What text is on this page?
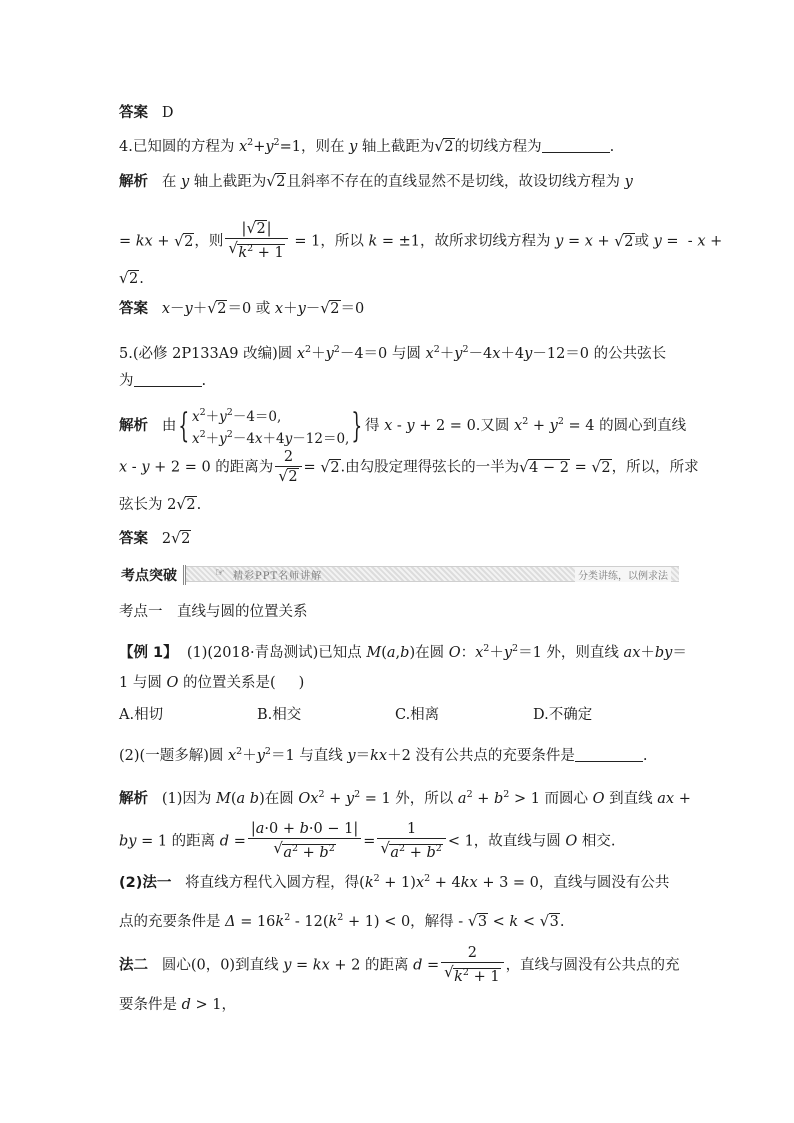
答案   D
4.已知圆的方程为 $x^2+y^2=1$，则在 y 轴上截距为 √ 2的切线方程为	.
解析   在 y 轴上截距为 √ 2且斜率不存在的直线显然不是切线，故设切线方程为 y
= kx + √ 2，则 | √ 2|
√ $k^2 + 1 = 1$，所以 k = ±1，故所求切线方程为 y = x + √ 2或 y =  - x +
√ 2.
答案 x－y＋ √ 2＝0 或 x＋y－ √ 2＝0
5.(必修 2P133A9 改编)圆 $x^2+y^2-4=0$ 与圆 $x^2+y^2-4x+4y-12=0$ 的公共弦长
为	.
解析   由{ $x^2+y^2-4=0$,
$x^2+y^2-4x+4y-12=0$,} 得 x - y + 2 = 0.又圆 $x^2 + y^2 = 4$ 的圆心到直线
x - y + 2 = 0 的距离为 2
√ 2 = √ 2.由勾股定理得弦长的一半为 √ 4 − 2 = √ 2，所以，所求
弦长为 2 √ 2.
答案   2 √ 2
考点突破	☞ 精彩PPT名师讲解	分类讲练，以例求法
考点一　直线与圆的位置关系
【例 1】  (1)(2018·青岛测试)已知点 M(a,b)在圆 O：$x^2+y^2=1$ 外，则直线 ax＋by＝
1 与圆 O 的位置关系是(     )
A.相切	B.相交	C.相离	D.不确定
(2)(一题多解)圆 $x^2+y^2=1$ 与直线 y＝kx＋2 没有公共点的充要条件是	.
解析   (1)因为 M(a b)在圆 $Ox^2 + y^2 = 1$ 外，所以 $a^2 + b^2 > 1$ 而圆心 O 到直线 ax +
by = 1 的距离 d = |a·0 + b·0 − 1|
√ $a^2 + b^2 = 1$
√ $a^2 + b^2 < 1$，故直线与圆 O 相交.
(2)法一   将直线方程代入圆方程，得$(k^2 + 1)x^2 + 4kx + 3 = 0$，直线与圆没有公共
点的充要条件是 $\Delta = 16k^2 - 12(k^2 + 1) < 0$，解得 - √ 3 < k < √ 3.
法二   圆心(0，0)到直线 y = kx + 2 的距离 d = 2
√ $k^2 + 1$ ，直线与圆没有公共点的充
要条件是 d > 1，
